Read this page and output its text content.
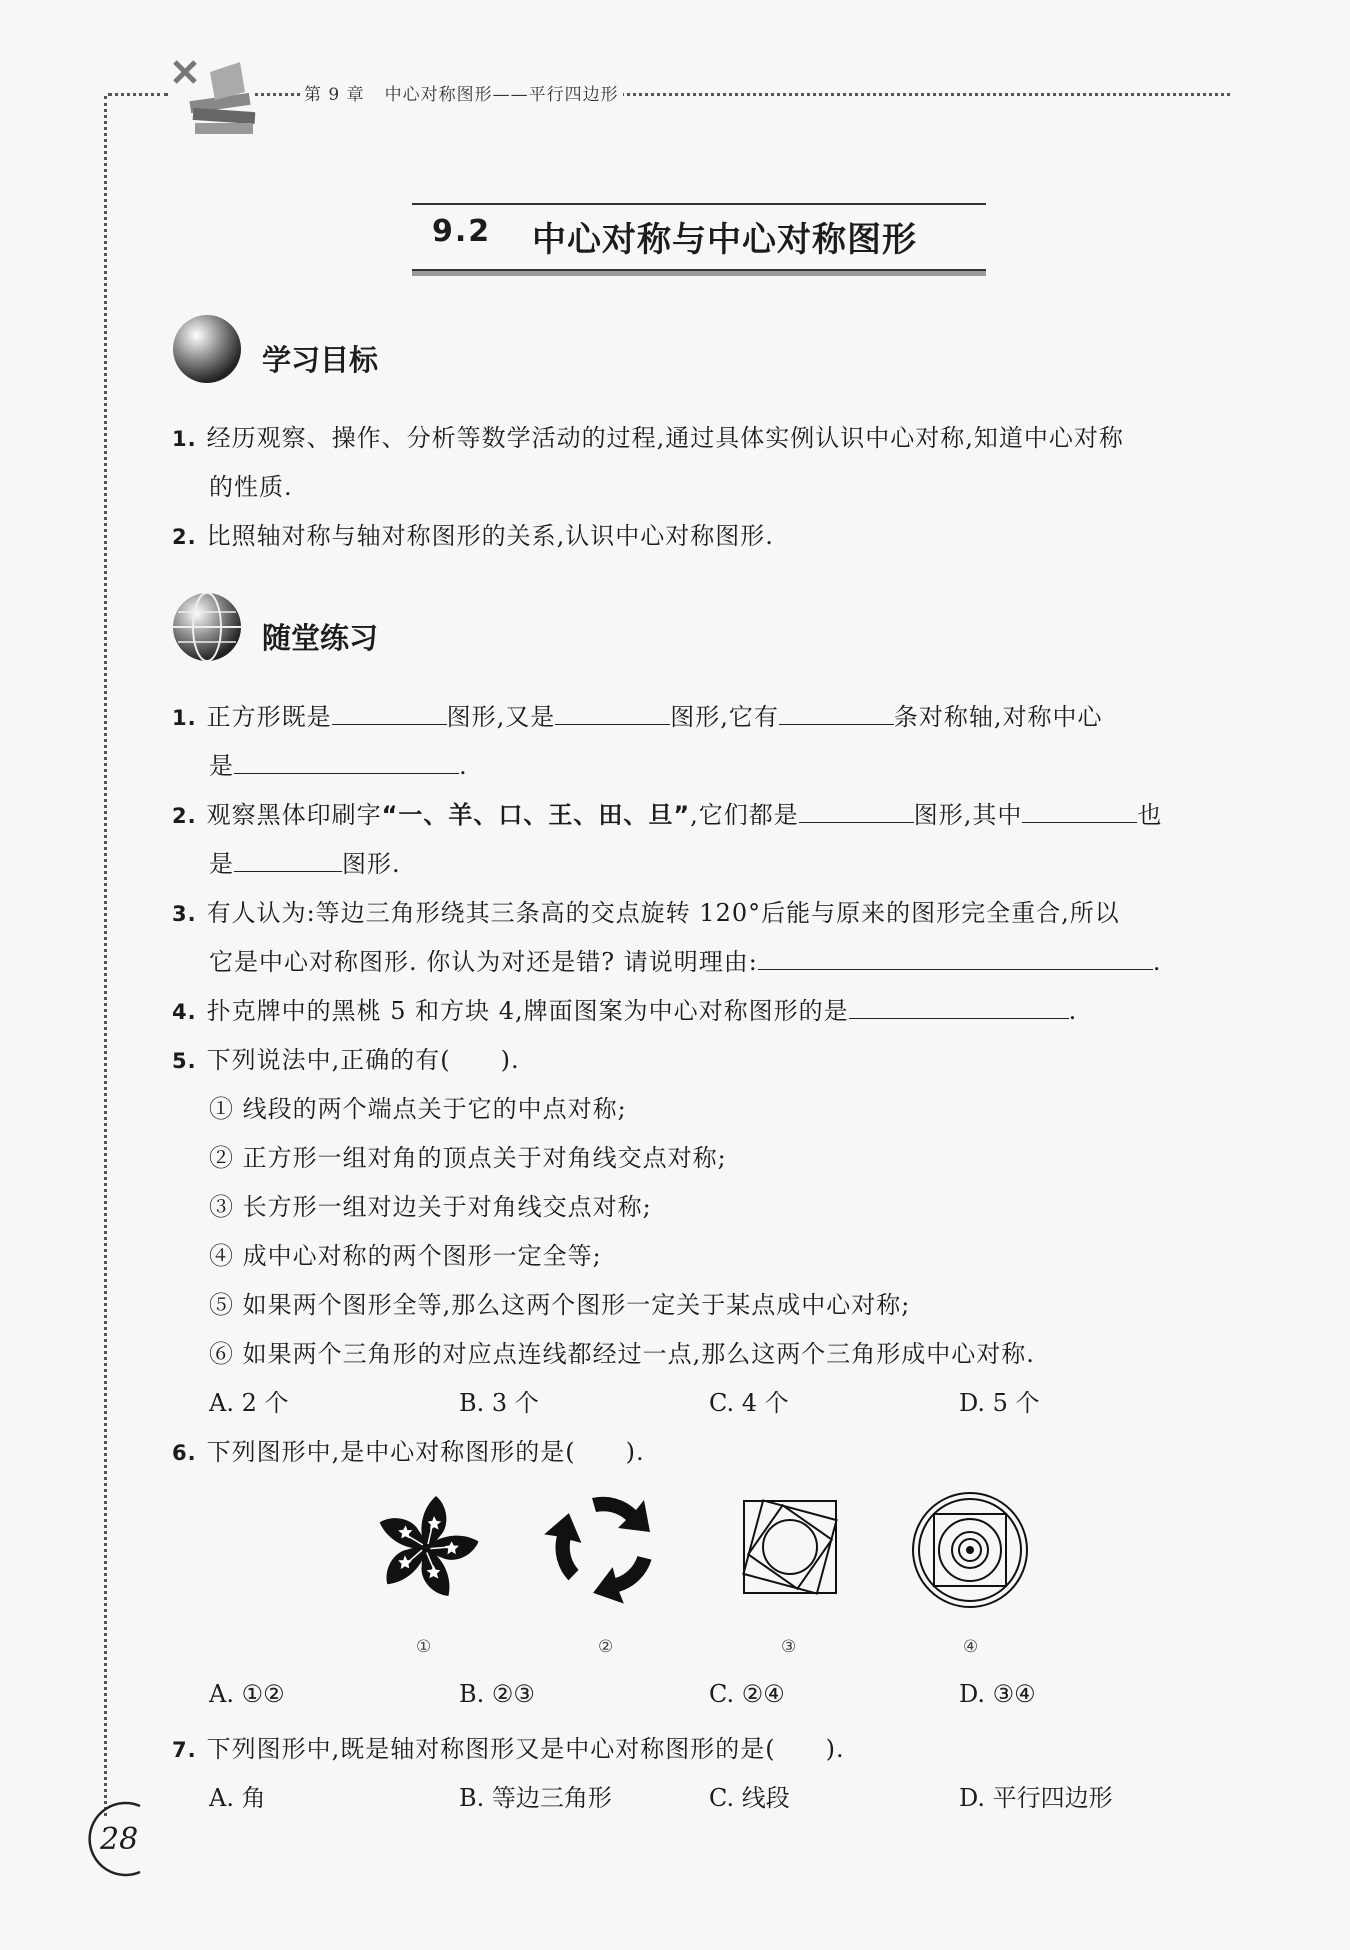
第 9 章 中心对称图形——平行四边形
9.2 中心对称与中心对称图形
学习目标
1. 经历观察、操作、分析等数学活动的过程,通过具体实例认识中心对称,知道中心对称
的性质.
2. 比照轴对称与轴对称图形的关系,认识中心对称图形.
随堂练习
1. 正方形既是	图形,又是	图形,它有	条对称轴,对称中心
是	.
2. 观察黑体印刷字“一、羊、口、王、田、旦”,它们都是	图形,其中	也
是	图形.
3. 有人认为:等边三角形绕其三条高的交点旋转 120°后能与原来的图形完全重合,所以
它是中心对称图形. 你认为对还是错? 请说明理由:	.
4. 扑克牌中的黑桃 5 和方块 4,牌面图案为中心对称图形的是	.
5. 下列说法中,正确的有(　　).
① 线段的两个端点关于它的中点对称;
② 正方形一组对角的顶点关于对角线交点对称;
③ 长方形一组对边关于对角线交点对称;
④ 成中心对称的两个图形一定全等;
⑤ 如果两个图形全等,那么这两个图形一定关于某点成中心对称;
⑥ 如果两个三角形的对应点连线都经过一点,那么这两个三角形成中心对称.
A. 2 个	B. 3 个	C. 4 个	D. 5 个
6. 下列图形中,是中心对称图形的是(　　).
①	②	③	④
A. ①②	B. ②③	C. ②④	D. ③④
7. 下列图形中,既是轴对称图形又是中心对称图形的是(　　).
A. 角	B. 等边三角形	C. 线段	D. 平行四边形
28
